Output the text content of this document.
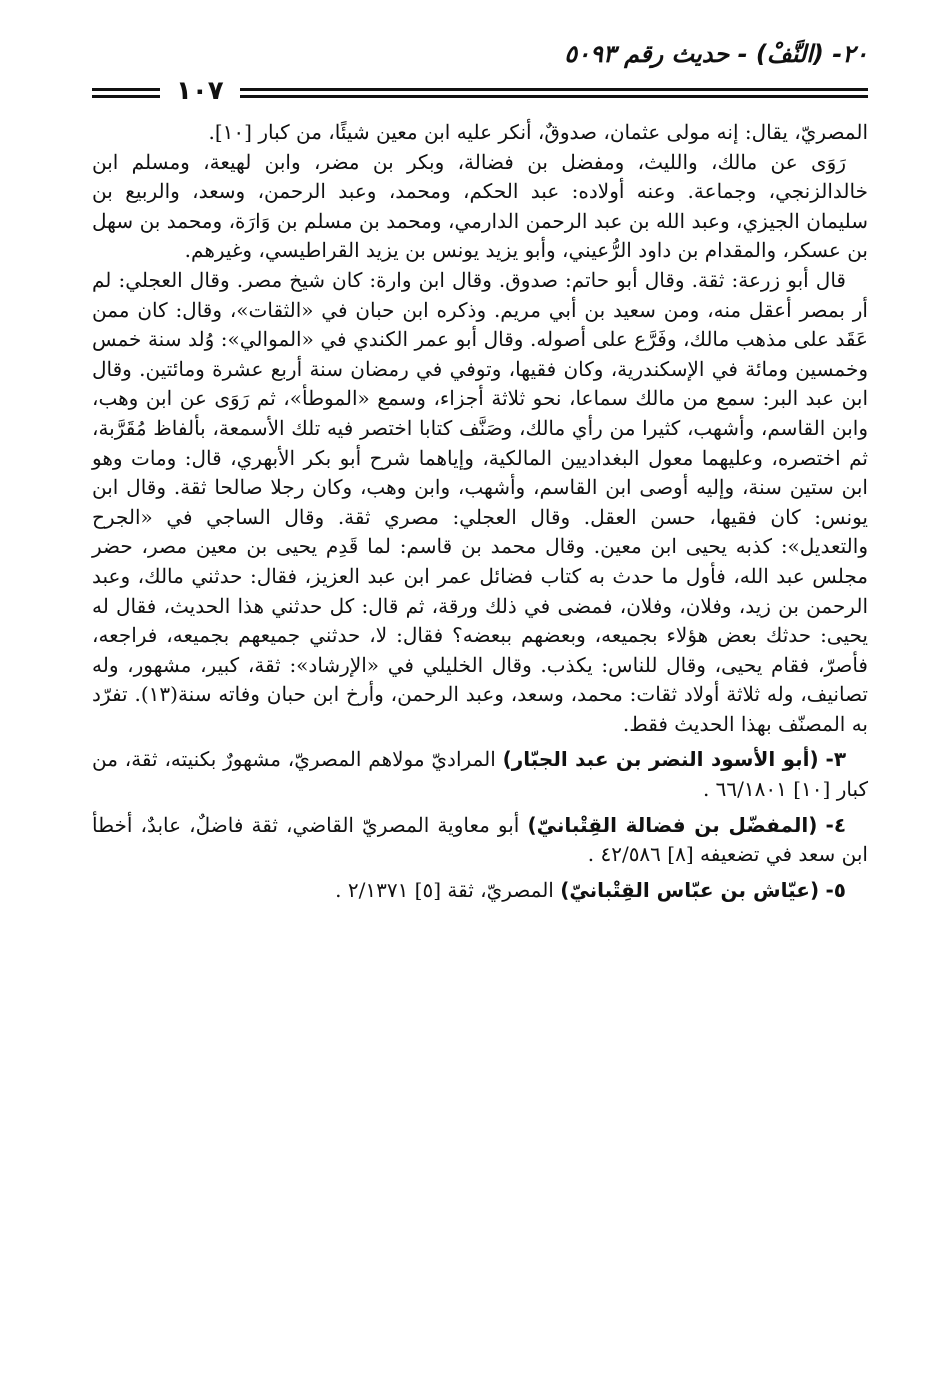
٢٠- (النَّفْ) - حديث رقم ٥٠٩٣
١٠٧

المصريّ، يقال: إنه مولى عثمان، صدوقٌ، أنكر عليه ابن معين شيئًا، من كبار [١٠].

رَوَى عن مالك، والليث، ومفضل بن فضالة، وبكر بن مضر، وابن لهيعة، ومسلم ابن خالدالزنجي، وجماعة. وعنه أولاده: عبد الحكم، ومحمد، وعبد الرحمن، وسعد، والربيع بن سليمان الجيزي، وعبد الله بن عبد الرحمن الدارمي، ومحمد بن مسلم بن وَارَة، ومحمد بن سهل بن عسكر، والمقدام بن داود الرُّعيني، وأبو يزيد يونس بن يزيد القراطيسي، وغيرهم.

قال أبو زرعة: ثقة. وقال أبو حاتم: صدوق. وقال ابن وارة: كان شيخ مصر. وقال العجلي: لم أر بمصر أعقل منه، ومن سعيد بن أبي مريم. وذكره ابن حبان في «الثقات»، وقال: كان ممن عَقَد على مذهب مالك، وفَرَّع على أصوله. وقال أبو عمر الكندي في «الموالي»: وُلد سنة خمس وخمسين ومائة في الإسكندرية، وكان فقيها، وتوفي في رمضان سنة أربع عشرة ومائتين. وقال ابن عبد البر: سمع من مالك سماعا، نحو ثلاثة أجزاء، وسمع «الموطأ»، ثم رَوَى عن ابن وهب، وابن القاسم، وأشهب، كثيرا من رأي مالك، وصَنَّف كتابا اختصر فيه تلك الأسمعة، بألفاظ مُقَرَّبة، ثم اختصره، وعليهما معول البغداديين المالكية، وإياهما شرح أبو بكر الأبهري، قال: ومات وهو ابن ستين سنة، وإليه أوصى ابن القاسم، وأشهب، وابن وهب، وكان رجلا صالحا ثقة. وقال ابن يونس: كان فقيها، حسن العقل. وقال العجلي: مصري ثقة. وقال الساجي في «الجرح والتعديل»: كذبه يحيى ابن معين. وقال محمد بن قاسم: لما قَدِم يحيى بن معين مصر، حضر مجلس عبد الله، فأول ما حدث به كتاب فضائل عمر ابن عبد العزيز، فقال: حدثني مالك، وعبد الرحمن بن زيد، وفلان، وفلان، فمضى في ذلك ورقة، ثم قال: كل حدثني هذا الحديث، فقال له يحيى: حدثك بعض هؤلاء بجميعه، وبعضهم ببعضه؟ فقال: لا، حدثني جميعهم بجميعه، فراجعه، فأصرّ، فقام يحيى، وقال للناس: يكذب. وقال الخليلي في «الإرشاد»: ثقة، كبير، مشهور، وله تصانيف، وله ثلاثة أولاد ثقات: محمد، وسعد، وعبد الرحمن، وأرخ ابن حبان وفاته سنة(١٣). تفرّد به المصنّف بهذا الحديث فقط.

٣- (أبو الأسود النضر بن عبد الجبّار) المراديّ مولاهم المصريّ، مشهورٌ بكنيته، ثقة، من كبار [١٠] ٦٦/١٨٠١ .

٤- (المفضّل بن فضالة القِتْبانيّ) أبو معاوية المصريّ القاضي، ثقة فاضلٌ، عابدٌ، أخطأ ابن سعد في تضعيفه [٨] ٤٢/٥٨٦ .

٥- (عيّاش بن عبّاس القِتْبانيّ) المصريّ، ثقة [٥] ٢/١٣٧١ .
